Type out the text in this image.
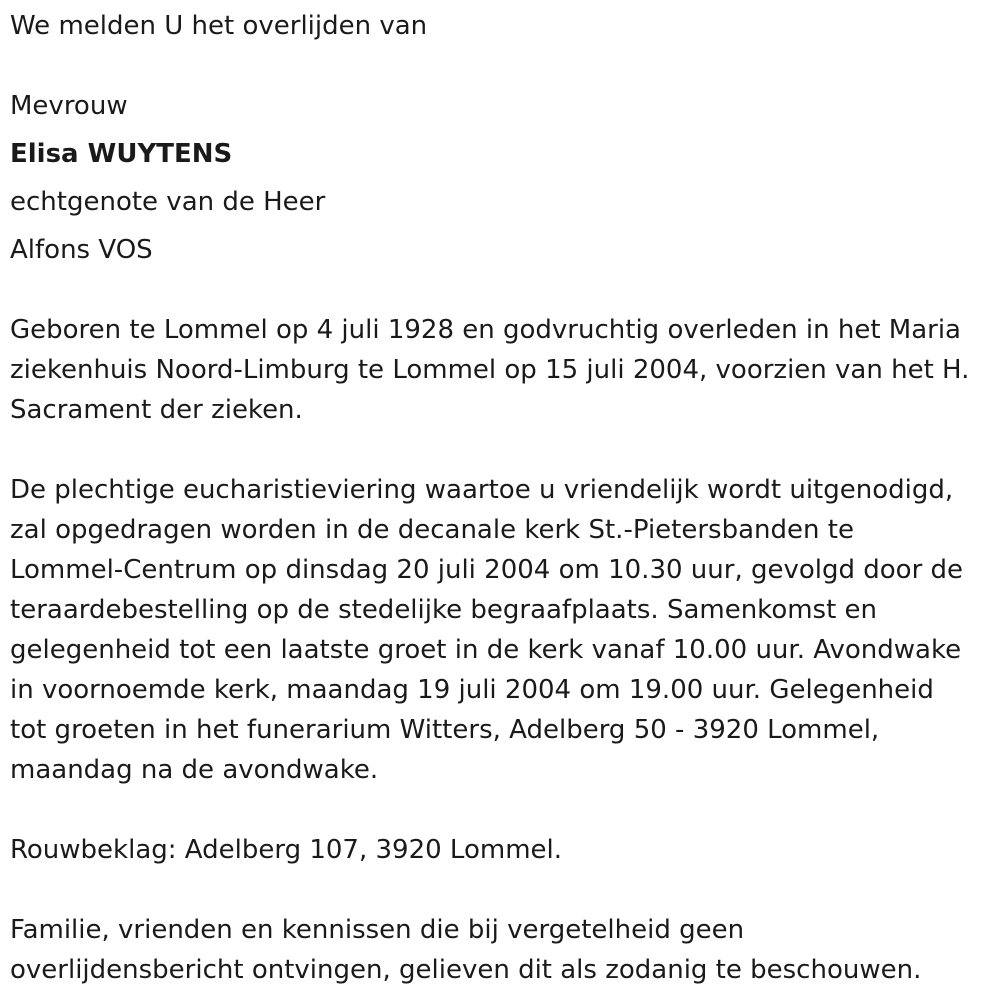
We melden U het overlijden van
Mevrouw
Elisa WUYTENS
echtgenote van de Heer
Alfons VOS
Geboren te Lommel op 4 juli 1928 en godvruchtig overleden in het Maria
ziekenhuis Noord-Limburg te Lommel op 15 juli 2004, voorzien van het H.
Sacrament der zieken.
De plechtige eucharistieviering waartoe u vriendelijk wordt uitgenodigd,
zal opgedragen worden in de decanale kerk St.-Pietersbanden te
Lommel-Centrum op dinsdag 20 juli 2004 om 10.30 uur, gevolgd door de
teraardebestelling op de stedelijke begraafplaats. Samenkomst en
gelegenheid tot een laatste groet in de kerk vanaf 10.00 uur. Avondwake
in voornoemde kerk, maandag 19 juli 2004 om 19.00 uur. Gelegenheid
tot groeten in het funerarium Witters, Adelberg 50 - 3920 Lommel,
maandag na de avondwake.
Rouwbeklag: Adelberg 107, 3920 Lommel.
Familie, vrienden en kennissen die bij vergetelheid geen
overlijdensbericht ontvingen, gelieven dit als zodanig te beschouwen.
